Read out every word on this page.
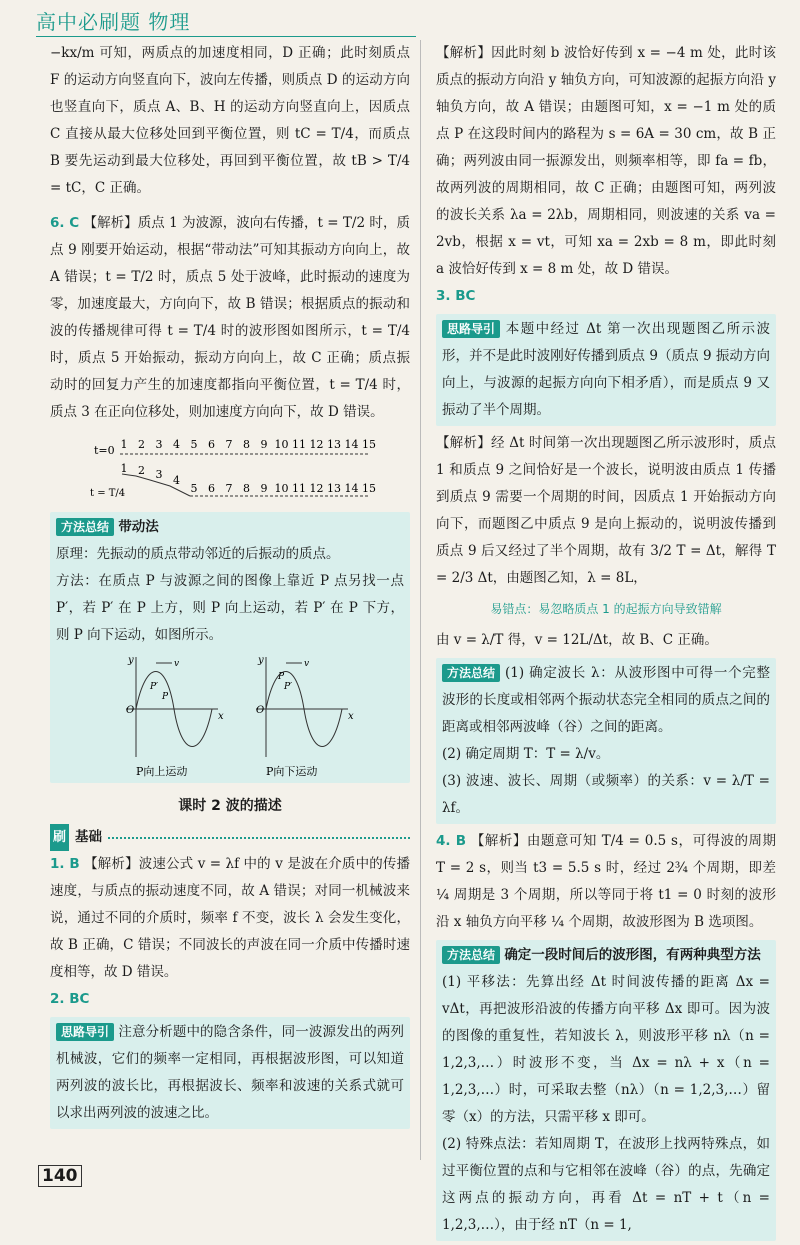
高中必刷题 物理

−kx/m 可知，两质点的加速度相同，D 正确；此时刻质点 F 的运动方向竖直向下，波向左传播，则质点 D 的运动方向也竖直向下，质点 A、B、H 的运动方向竖直向上，因质点 C 直接从最大位移处回到平衡位置，则 tC = T/4，而质点 B 要先运动到最大位移处，再回到平衡位置，故 tB > T/4 = tC，C 正确。

6. C 【解析】质点 1 为波源，波向右传播，t = T/2 时，质点 9 刚要开始运动，根据“带动法”可知其振动方向向上，故 A 错误；t = T/2 时，质点 5 处于波峰，此时振动的速度为零，加速度最大，方向向下，故 B 错误；根据质点的振动和波的传播规律可得 t = T/4 时的波形图如图所示，t = T/4 时，质点 5 开始振动，振动方向向上，故 C 正确；质点振动时的回复力产生的加速度都指向平衡位置，t = T/4 时，质点 3 在正向位移处，则加速度方向向下，故 D 错误。

t=0
t = T/4
1 2 3 4 5 6 7 8 9 10 11 12 13 14 15
1 2 3 4
5 6 7 8 9 10 11 12 13 14 15

方法总结 带动法

原理：先振动的质点带动邻近的后振动的质点。

方法：在质点 P 与波源之间的图像上靠近 P 点另找一点 P′，若 P′ 在 P 上方，则 P 向上运动，若 P′ 在 P 下方，则 P 向下运动，如图所示。

y
x
O
P′
P
v
P向上运动
y
x
O
P
P′
v
P向下运动
课时 2 波的描述
刷 基础

1. B 【解析】波速公式 v = λf 中的 v 是波在介质中的传播速度，与质点的振动速度不同，故 A 错误；对同一机械波来说，通过不同的介质时，频率 f 不变，波长 λ 会发生变化，故 B 正确，C 错误；不同波长的声波在同一介质中传播时速度相等，故 D 错误。

2. BC

思路导引 注意分析题中的隐含条件，同一波源发出的两列机械波，它们的频率一定相同，再根据波形图，可以知道两列波的波长比，再根据波长、频率和波速的关系式就可以求出两列波的波速之比。

【解析】因此时刻 b 波恰好传到 x = −4 m 处，此时该质点的振动方向沿 y 轴负方向，可知波源的起振方向沿 y 轴负方向，故 A 错误；由题图可知，x = −1 m 处的质点 P 在这段时间内的路程为 s = 6A = 30 cm，故 B 正确；两列波由同一振源发出，则频率相等，即 fa = fb，故两列波的周期相同，故 C 正确；由题图可知，两列波的波长关系 λa = 2λb，周期相同，则波速的关系 va = 2vb，根据 x = vt，可知 xa = 2xb = 8 m，即此时刻 a 波恰好传到 x = 8 m 处，故 D 错误。

3. BC

思路导引 本题中经过 Δt 第一次出现题图乙所示波形，并不是此时波刚好传播到质点 9（质点 9 振动方向向上，与波源的起振方向向下相矛盾），而是质点 9 又振动了半个周期。

【解析】经 Δt 时间第一次出现题图乙所示波形时，质点 1 和质点 9 之间恰好是一个波长，说明波由质点 1 传播到质点 9 需要一个周期的时间，因质点 1 开始振动方向向下，而题图乙中质点 9 是向上振动的，说明波传播到质点 9 后又经过了半个周期，故有 3/2 T = Δt，解得 T = 2/3 Δt，由题图乙知，λ = 8L，

易错点：易忽略质点 1 的起振方向导致错解

由 v = λ/T 得，v = 12L/Δt，故 B、C 正确。

方法总结 (1) 确定波长 λ：从波形图中可得一个完整波形的长度或相邻两个振动状态完全相同的质点之间的距离或相邻两波峰（谷）之间的距离。

(2) 确定周期 T：T = λ/v。

(3) 波速、波长、周期（或频率）的关系：v = λ/T = λf。

4. B 【解析】由题意可知 T/4 = 0.5 s，可得波的周期 T = 2 s，则当 t3 = 5.5 s 时，经过 2¾ 个周期，即差 ¼ 周期是 3 个周期，所以等同于将 t1 = 0 时刻的波形沿 x 轴负方向平移 ¼ 个周期，故波形图为 B 选项图。

方法总结 确定一段时间后的波形图，有两种典型方法

(1) 平移法：先算出经 Δt 时间波传播的距离 Δx = vΔt，再把波形沿波的传播方向平移 Δx 即可。因为波的图像的重复性，若知波长 λ，则波形平移 nλ（n = 1,2,3,…）时波形不变，当 Δx = nλ + x（n = 1,2,3,…）时，可采取去整（nλ）（n = 1,2,3,…）留零（x）的方法，只需平移 x 即可。

(2) 特殊点法：若知周期 T，在波形上找两特殊点，如过平衡位置的点和与它相邻在波峰（谷）的点，先确定这两点的振动方向，再看 Δt = nT + t（n = 1,2,3,…），由于经 nT（n = 1,

140
